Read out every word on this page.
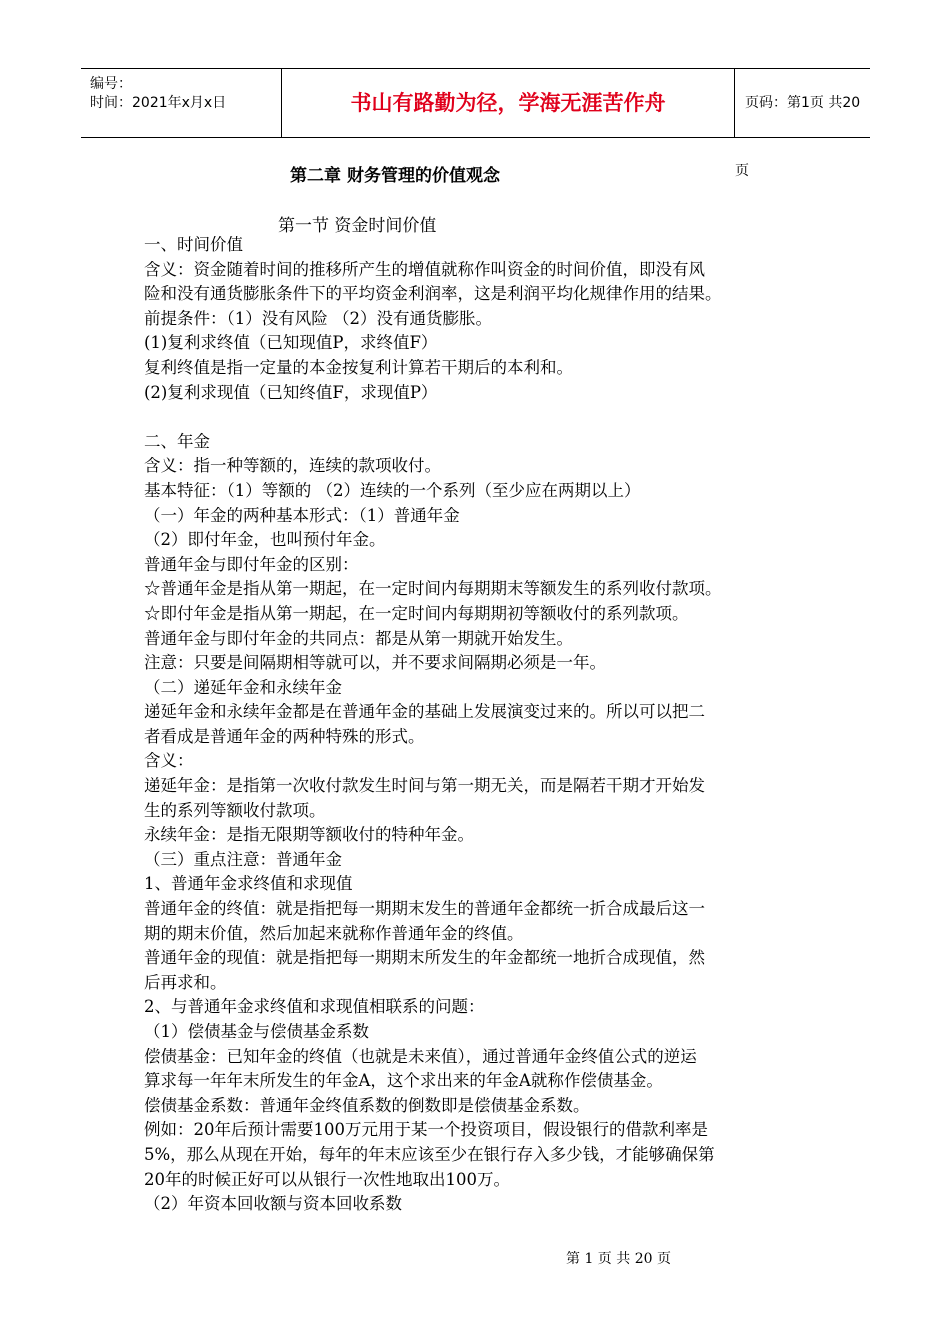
编号：
时间：2021年x月x日	书山有路勤为径，学海无涯苦作舟	页码：第1页 共20页
第二章 财务管理的价值观念
第一节 资金时间价值

一、时间价值

含义：资金随着时间的推移所产生的增值就称作叫资金的时间价值，即没有风

险和没有通货膨胀条件下的平均资金利润率，这是利润平均化规律作用的结果。

前提条件：（1）没有风险 （2）没有通货膨胀。

(1)复利求终值（已知现值P，求终值F）

复利终值是指一定量的本金按复利计算若干期后的本利和。

(2)复利求现值（已知终值F，求现值P）

二、年金

含义：指一种等额的，连续的款项收付。

基本特征：（1）等额的 （2）连续的一个系列（至少应在两期以上）

（一）年金的两种基本形式：（1）普通年金

（2）即付年金，也叫预付年金。

普通年金与即付年金的区别：

☆普通年金是指从第一期起，在一定时间内每期期末等额发生的系列收付款项。

☆即付年金是指从第一期起，在一定时间内每期期初等额收付的系列款项。

普通年金与即付年金的共同点：都是从第一期就开始发生。

注意：只要是间隔期相等就可以，并不要求间隔期必须是一年。

（二）递延年金和永续年金

递延年金和永续年金都是在普通年金的基础上发展演变过来的。所以可以把二

者看成是普通年金的两种特殊的形式。

含义：

递延年金：是指第一次收付款发生时间与第一期无关，而是隔若干期才开始发

生的系列等额收付款项。

永续年金：是指无限期等额收付的特种年金。

（三）重点注意：普通年金

1、普通年金求终值和求现值

普通年金的终值：就是指把每一期期末发生的普通年金都统一折合成最后这一

期的期末价值，然后加起来就称作普通年金的终值。

普通年金的现值：就是指把每一期期末所发生的年金都统一地折合成现值，然

后再求和。

2、与普通年金求终值和求现值相联系的问题：

（1）偿债基金与偿债基金系数

偿债基金：已知年金的终值（也就是未来值），通过普通年金终值公式的逆运

算求每一年年末所发生的年金A，这个求出来的年金A就称作偿债基金。

偿债基金系数：普通年金终值系数的倒数即是偿债基金系数。

例如：20年后预计需要100万元用于某一个投资项目，假设银行的借款利率是

5%，那么从现在开始，每年的年末应该至少在银行存入多少钱，才能够确保第

20年的时候正好可以从银行一次性地取出100万。

（2）年资本回收额与资本回收系数

第 1 页 共 20 页
